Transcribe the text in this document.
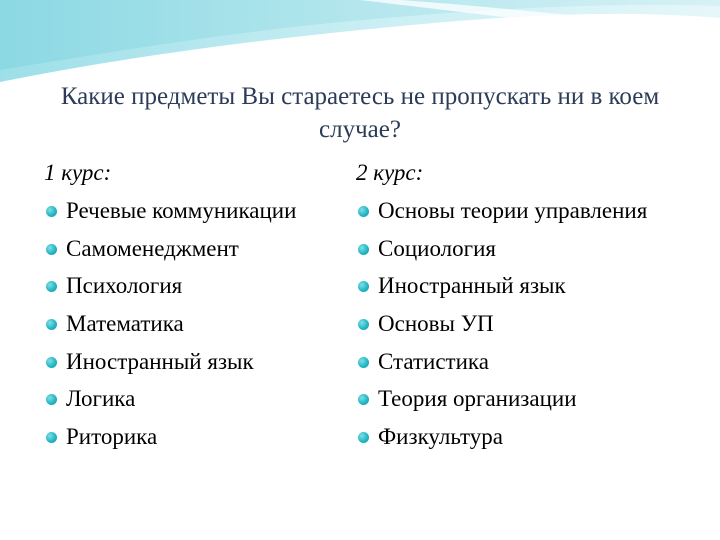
Какие предметы Вы стараетесь не пропускать ни в коем случае?
1 курс:
Речевые коммуникации
Самоменеджмент
Психология
Математика
Иностранный язык
Логика
Риторика
2 курс:
Основы теории управления
Социология
Иностранный язык
Основы УП
Статистика
Теория организации
Физкультура
